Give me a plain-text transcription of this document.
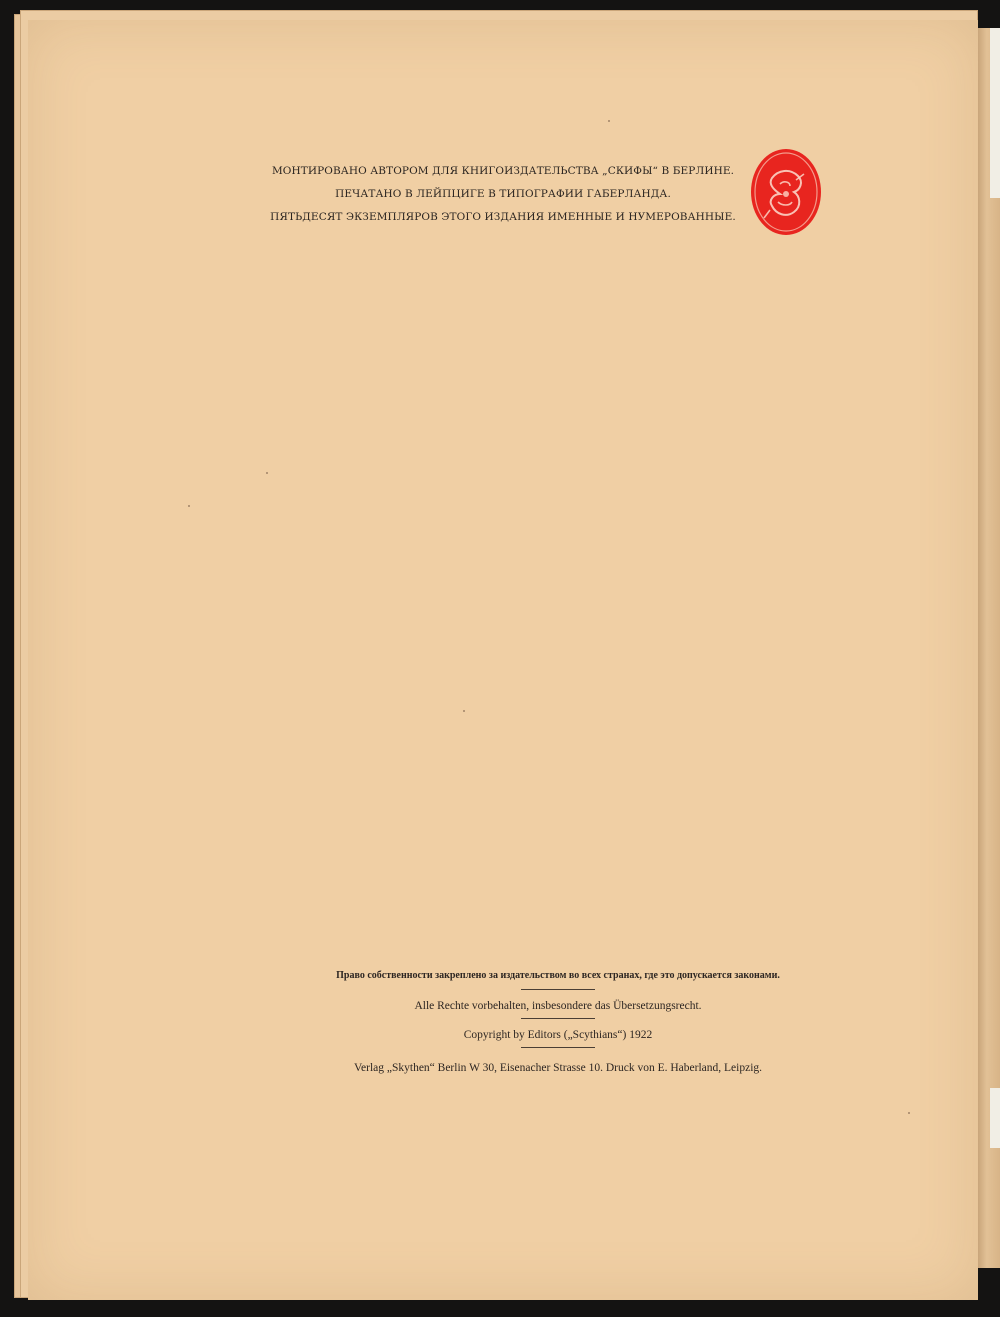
МОНТИРОВАНО АВТОРОМ ДЛЯ КНИГОИЗДАТЕЛЬСТВА „СКИФЫ“ В БЕРЛИНЕ.
ПЕЧАТАНО В ЛЕЙПЦИГЕ В ТИПОГРАФИИ ГАБЕРЛАНДА.
ПЯТЬДЕСЯТ ЭКЗЕМПЛЯРОВ ЭТОГО ИЗДАНИЯ ИМЕННЫЕ И НУМЕРОВАННЫЕ.
Право собственности закреплено за издательством во всех странах, где это допускается законами.
Alle Rechte vorbehalten, insbesondere das Übersetzungsrecht.
Copyright by Editors („Scythians“) 1922
Verlag „Skythen“ Berlin W 30, Eisenacher Strasse 10. Druck von E. Haberland, Leipzig.
